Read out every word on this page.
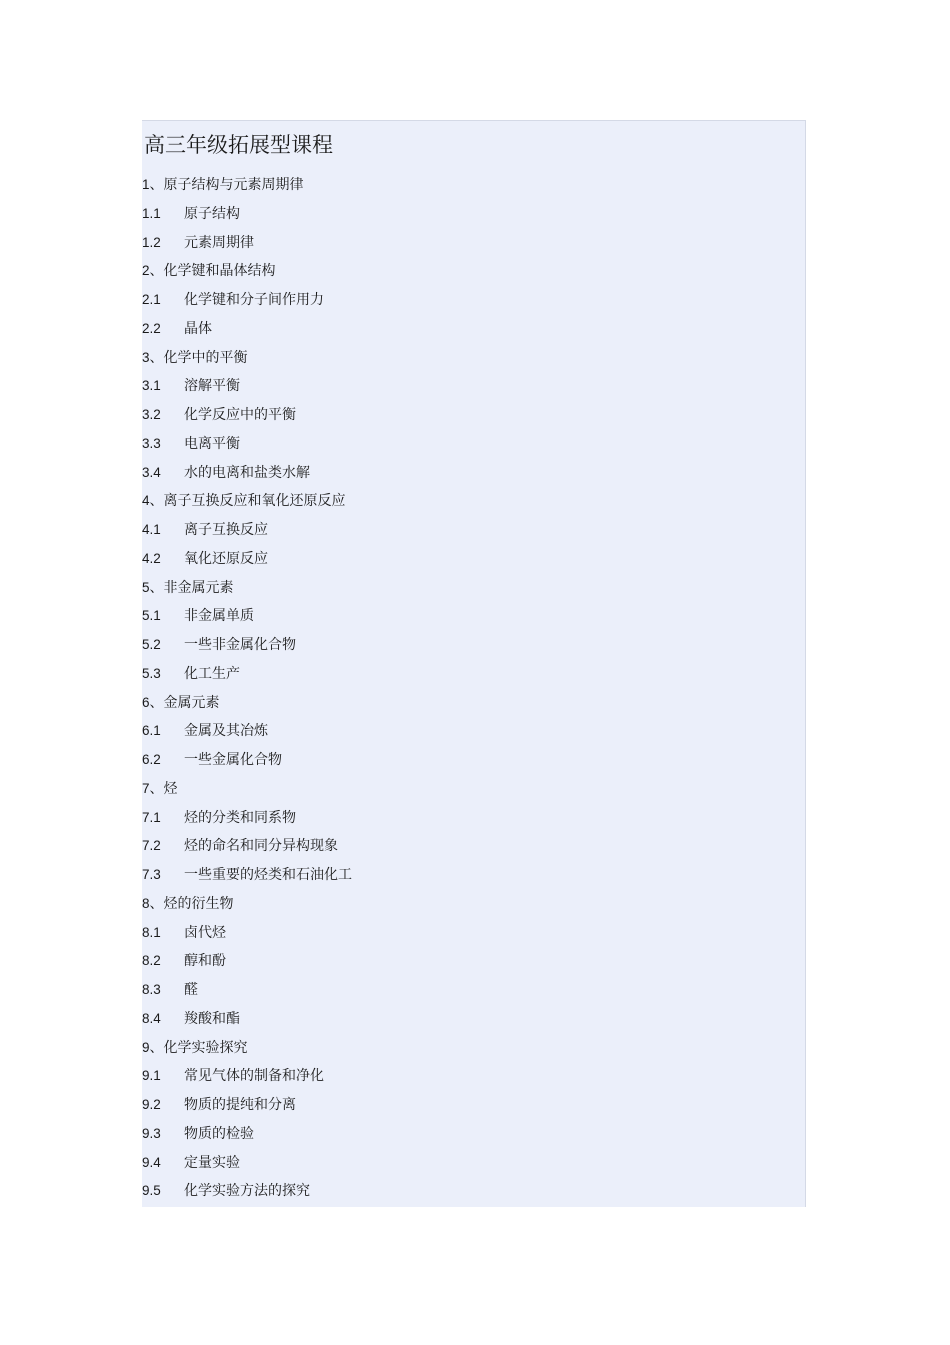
高三年级拓展型课程
1 、 原子结构与元素周期律
1.1	原子结构
1.2	元素周期律
2 、 化学键和晶体结构
2.1	化学键和分子间作用力
2.2	晶体
3 、 化学中的平衡
3.1	溶解平衡
3.2	化学反应中的平衡
3.3	电离平衡
3.4	水的电离和盐类水解
4 、 离子互换反应和氧化还原反应
4.1	离子互换反应
4.2	氧化还原反应
5 、 非金属元素
5.1	非金属单质
5.2	一些非金属化合物
5.3	化工生产
6 、 金属元素
6.1	金属及其冶炼
6.2	一些金属化合物
7 、 烃
7.1	烃的分类和同系物
7.2	烃的命名和同分异构现象
7.3	一些重要的烃类和石油化工
8 、 烃的衍生物
8.1	卤代烃
8.2	醇和酚
8.3	醛
8.4	羧酸和酯
9 、 化学实验探究
9.1	常见气体的制备和净化
9.2	物质的提纯和分离
9.3	物质的检验
9.4	定量实验
9.5	化学实验方法的探究
